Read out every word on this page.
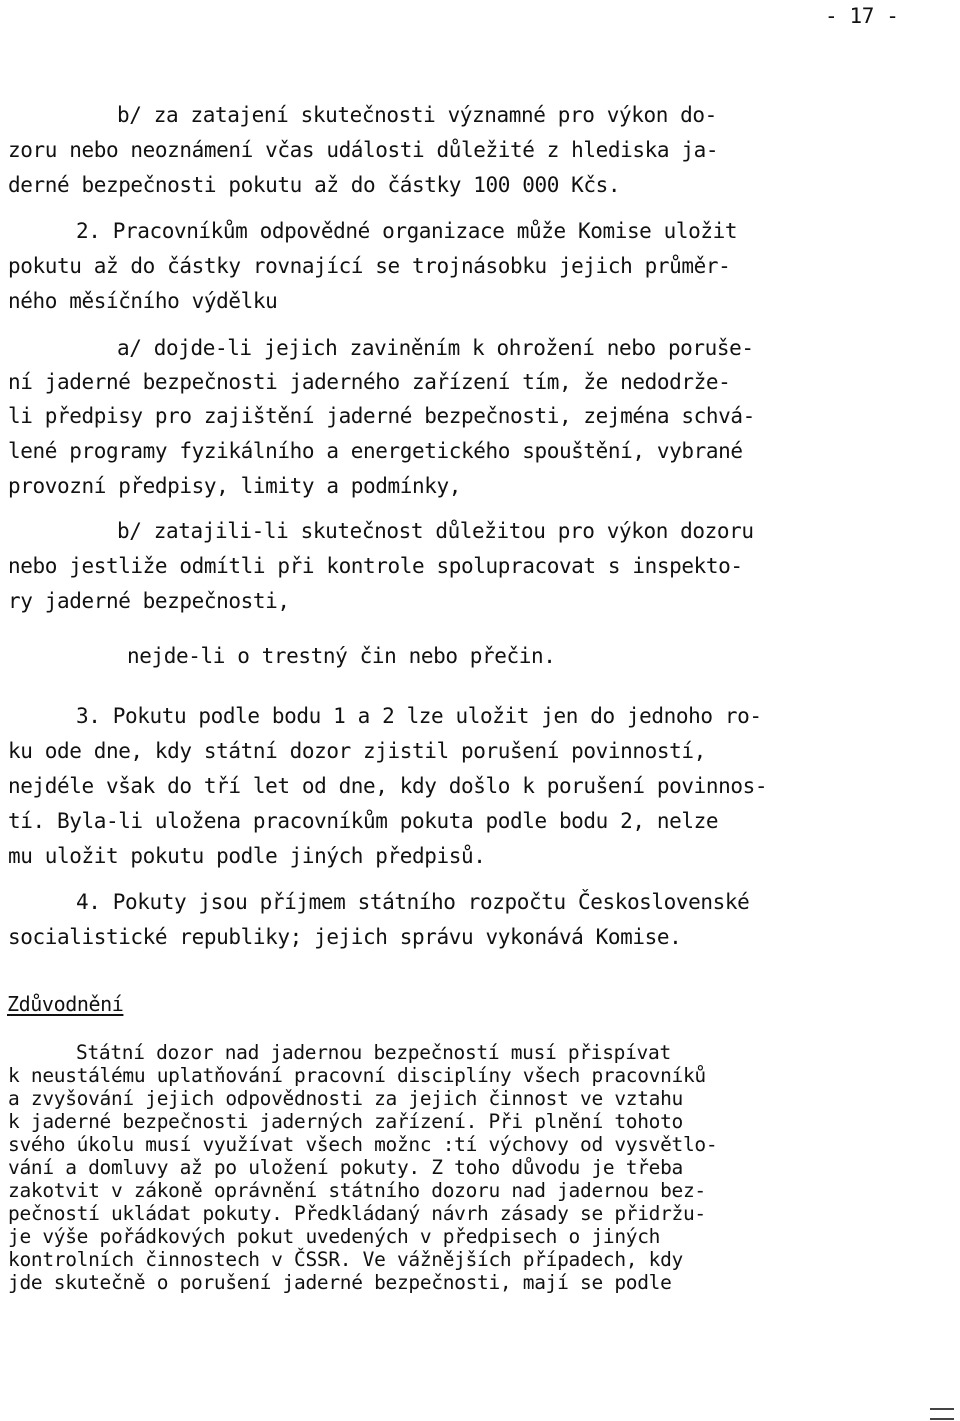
- 17 -
b/ za zatajení skutečnosti významné pro výkon do-
zoru nebo neoznámení včas události důležité z hlediska ja-
derné bezpečnosti pokutu až do částky 100 000 Kčs.
2. Pracovníkům odpovědné organizace může Komise uložit
pokutu až do částky rovnající se trojnásobku jejich průměr-
ného měsíčního výdělku
a/ dojde-li jejich zaviněním k ohrožení nebo poruše-
ní jaderné bezpečnosti jaderného zařízení tím, že nedodrže-
li předpisy pro zajištění jaderné bezpečnosti, zejména schvá-
lené programy fyzikálního a energetického spouštění, vybrané
provozní předpisy, limity a podmínky,
b/ zatajili-li skutečnost důležitou pro výkon dozoru
nebo jestliže odmítli při kontrole spolupracovat s inspekto-
ry jaderné bezpečnosti,
nejde-li o trestný čin nebo přečin.
3. Pokutu podle bodu 1 a 2 lze uložit jen do jednoho ro-
ku ode dne, kdy státní dozor zjistil porušení povinností,
nejdéle však do tří let od dne, kdy došlo k porušení povinnos-
tí. Byla-li uložena pracovníkům pokuta podle bodu 2, nelze
mu uložit pokutu podle jiných předpisů.
4. Pokuty jsou příjmem státního rozpočtu Československé
socialistické republiky; jejich správu vykonává Komise.
Zdůvodnění
Státní dozor nad jadernou bezpečností musí přispívat
k neustálému uplatňování pracovní disciplíny všech pracovníků
a zvyšování jejich odpovědnosti za jejich činnost ve vztahu
k jaderné bezpečnosti jaderných zařízení. Při plnění tohoto
svého úkolu musí využívat všech možnc :tí výchovy od vysvětlo-
vání a domluvy až po uložení pokuty. Z toho důvodu je třeba
zakotvit v zákoně oprávnění státního dozoru nad jadernou bez-
pečností ukládat pokuty. Předkládaný návrh zásady se přidržu-
je výše pořádkových pokut uvedených v předpisech o jiných
kontrolních činnostech v ČSSR. Ve vážnějších případech, kdy
jde skutečně o porušení jaderné bezpečnosti, mají se podle
